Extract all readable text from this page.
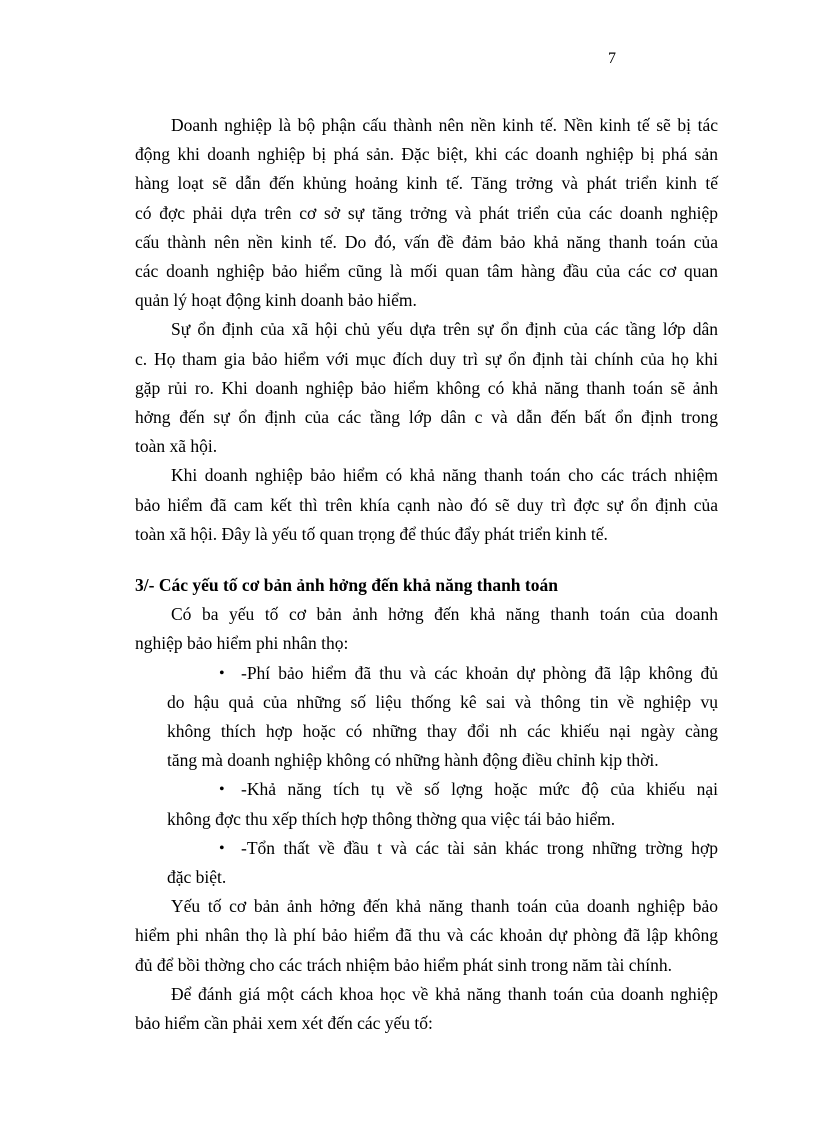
7
Doanh nghiệp là bộ phận cấu thành nên nền kinh tế. Nền kinh tế sẽ bị tác
động khi doanh nghiệp bị phá sản. Đặc biệt, khi các doanh nghiệp bị phá sản
hàng loạt sẽ dẫn đến khủng hoảng kinh tế. Tăng trởng và phát triển kinh tế
có đợc phải dựa trên cơ sở sự tăng trởng và phát triển của các doanh nghiệp
cấu thành nên nền kinh tế. Do đó, vấn đề đảm bảo khả năng thanh toán của
các doanh nghiệp bảo hiểm cũng là mối quan tâm hàng đầu của các cơ quan
quản lý hoạt động kinh doanh bảo hiểm.
Sự ổn định của xã hội chủ yếu dựa trên sự ổn định của các tầng lớp dân
c. Họ tham gia bảo hiểm với mục đích duy trì sự ổn định tài chính của họ khi
gặp rủi ro. Khi doanh nghiệp bảo hiểm không có khả năng thanh toán sẽ ảnh
hởng đến sự ổn định của các tầng lớp dân c và dẫn đến bất ổn định trong
toàn xã hội.
Khi doanh nghiệp bảo hiểm có khả năng thanh toán cho các trách nhiệm
bảo hiểm đã cam kết thì trên khía cạnh nào đó sẽ duy trì đợc sự ổn định của
toàn xã hội. Đây là yếu tố quan trọng để thúc đẩy phát triển kinh tế.
3/- Các yếu tố cơ bản ảnh hởng đến khả năng thanh toán
Có ba yếu tố cơ bản ảnh hởng đến khả năng thanh toán của doanh
nghiệp bảo hiểm phi nhân thọ:
• -Phí bảo hiểm đã thu và các khoản dự phòng đã lập không đủ
do hậu quả của những số liệu thống kê sai và thông tin về nghiệp vụ
không thích hợp hoặc có những thay đổi nh các khiếu nại ngày càng
tăng mà doanh nghiệp không có những hành động điều chỉnh kịp thời.
• -Khả năng tích tụ về số lợng hoặc mức độ của khiếu nại
không đợc thu xếp thích hợp thông thờng qua việc tái bảo hiểm.
• -Tổn thất về đầu t và các tài sản khác trong những trờng hợp
đặc biệt.
Yếu tố cơ bản ảnh hởng đến khả năng thanh toán của doanh nghiệp bảo
hiểm phi nhân thọ là phí bảo hiểm đã thu và các khoản dự phòng đã lập không
đủ để bồi thờng cho các trách nhiệm bảo hiểm phát sinh trong năm tài chính.
Để đánh giá một cách khoa học về khả năng thanh toán của doanh nghiệp
bảo hiểm cần phải xem xét đến các yếu tố:
